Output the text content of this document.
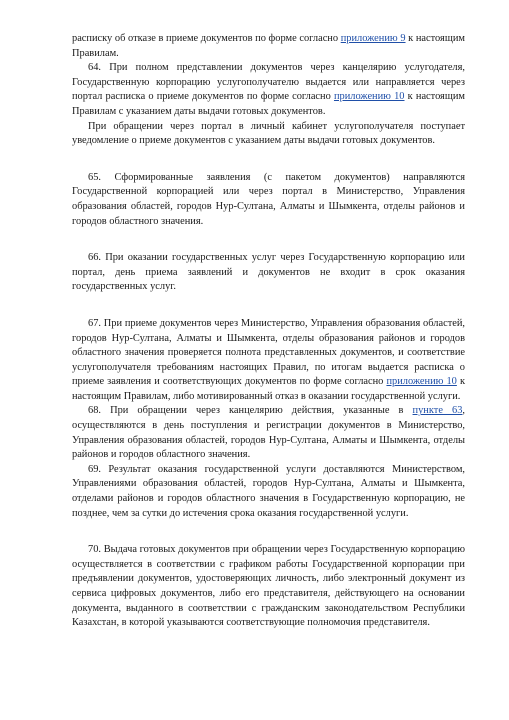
расписку об отказе в приеме документов по форме согласно приложению 9 к настоящим Правилам.

64. При полном представлении документов через канцелярию услугодателя, Государственную корпорацию услугополучателю выдается или направляется через портал расписка о приеме документов по форме согласно приложению 10 к настоящим Правилам с указанием даты выдачи готовых документов.

При обращении через портал в личный кабинет услугополучателя поступает уведомление о приеме документов с указанием даты выдачи готовых документов.

65. Сформированные заявления (с пакетом документов) направляются Государственной корпорацией или через портал в Министерство, Управления образования областей, городов Нур-Султана, Алматы и Шымкента, отделы районов и городов областного значения.

66. При оказании государственных услуг через Государственную корпорацию или портал, день приема заявлений и документов не входит в срок оказания государственных услуг.

67. При приеме документов через Министерство, Управления образования областей, городов Нур-Султана, Алматы и Шымкента, отделы образования районов и городов областного значения проверяется полнота представленных документов, и соответствие услугополучателя требованиям настоящих Правил, по итогам выдается расписка о приеме заявления и соответствующих документов по форме согласно приложению 10 к настоящим Правилам, либо мотивированный отказ в оказании государственной услуги.

68. При обращении через канцелярию действия, указанные в пункте 63, осуществляются в день поступления и регистрации документов в Министерство, Управления образования областей, городов Нур-Султана, Алматы и Шымкента, отделы районов и городов областного значения.

69. Результат оказания государственной услуги доставляются Министерством, Управлениями образования областей, городов Нур-Султана, Алматы и Шымкента, отделами районов и городов областного значения в Государственную корпорацию, не позднее, чем за сутки до истечения срока оказания государственной услуги.

70. Выдача готовых документов при обращении через Государственную корпорацию осуществляется в соответствии с графиком работы Государственной корпорации при предъявлении документов, удостоверяющих личность, либо электронный документ из сервиса цифровых документов, либо его представителя, действующего на основании документа, выданного в соответствии с гражданским законодательством Республики Казахстан, в которой указываются соответствующие полномочия представителя.
